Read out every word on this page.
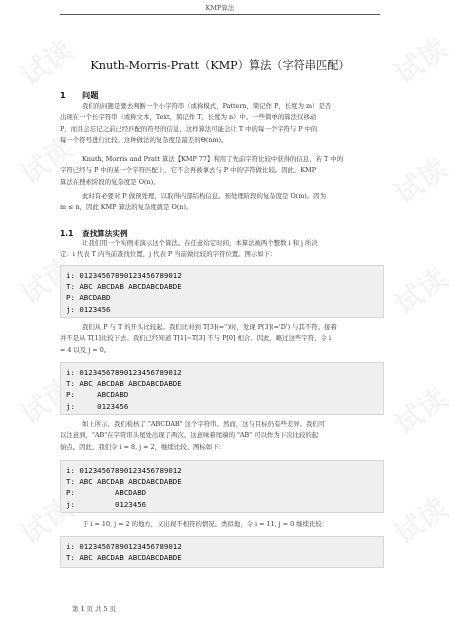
试读	试读
试读	试读
试读	试读
试读	试读
试读	试读
KMP算法
Knuth-Morris-Pratt（KMP）算法（字符串匹配）
1 问题

我们的问题是要去判断一个小字符串（或称模式，Pattern，简记作 P，长度为 m）是否
出现在一个长字符串（或称文本，Text，简记作 T，长度为 n）中。一些简单的算法仅移动
P，而且会忘记之前已经匹配的符号的信息，这样算法可能会让 T 中的每一个字符与 P 中的
每一个符号进行比较。这种做法的复杂度是最差的Θ(nm)。

Knuth, Morris and Pratt 算法【KMP 77】利用了先前字符比较中获得的信息，若 T 中的
字符已经与 P 中的某一个字符匹配上，它不会再被拿去与 P 中的字符做比较。因此，KMP
算法在搜索阶段的复杂度是 O(n)。

此时有必要对 P 做预处理，以取得内部结构信息。预处理阶段的复杂度是 O(m)。因为
m ≤ n，因此 KMP 算法的复杂度就是 O(n)。

1.1 查找算法实例

让我们用一个实例来演示这个算法。在任意给定时间，本算法被两个整数 i 和 j 所决
定：i 代表 T 内当前查找位置，j 代表 P 当前做比较的字符位置。图示如下：

i: 01234567890123456789012
T: ABC ABCDAB ABCDABCDABDE
P: ABCDABD
j: 0123456

我们从 P 与 T 的开头比较起。我们比对到 T[3](='')时，发现 P[3](='D') 与其不符。接着
并不是从 T[1]比较下去。我们已经知道 T[1]~T[3] 不与 P[0] 相合。因此，略过这些字符，令 i
= 4 以及 j = 0。

i: 01234567890123456789012
T: ABC ABCDAB ABCDABCDABDE
P:     ABCDABD
j:     0123456

如上所示，我们检核了 "ABCDAB" 这个字符串。然而，这与目标仍有些差异。我们可
以注意到，"AB"在字符串头尾处出现了两次。这意味着尾端的 "AB" 可以作为下次比较的起
始点。因此，我们令 i = 8, j = 2，继续比较。图标如下：

i: 01234567890123456789012
T: ABC ABCDAB ABCDABCDABDE
P:         ABCDABD
j:         0123456

于 i = 10, j = 2 的地方，又出现不相符的情况。类似地，令 i = 11, j = 0 继续比较：

i: 01234567890123456789012
T: ABC ABCDAB ABCDABCDABDE
第 1 页 共 5 页
